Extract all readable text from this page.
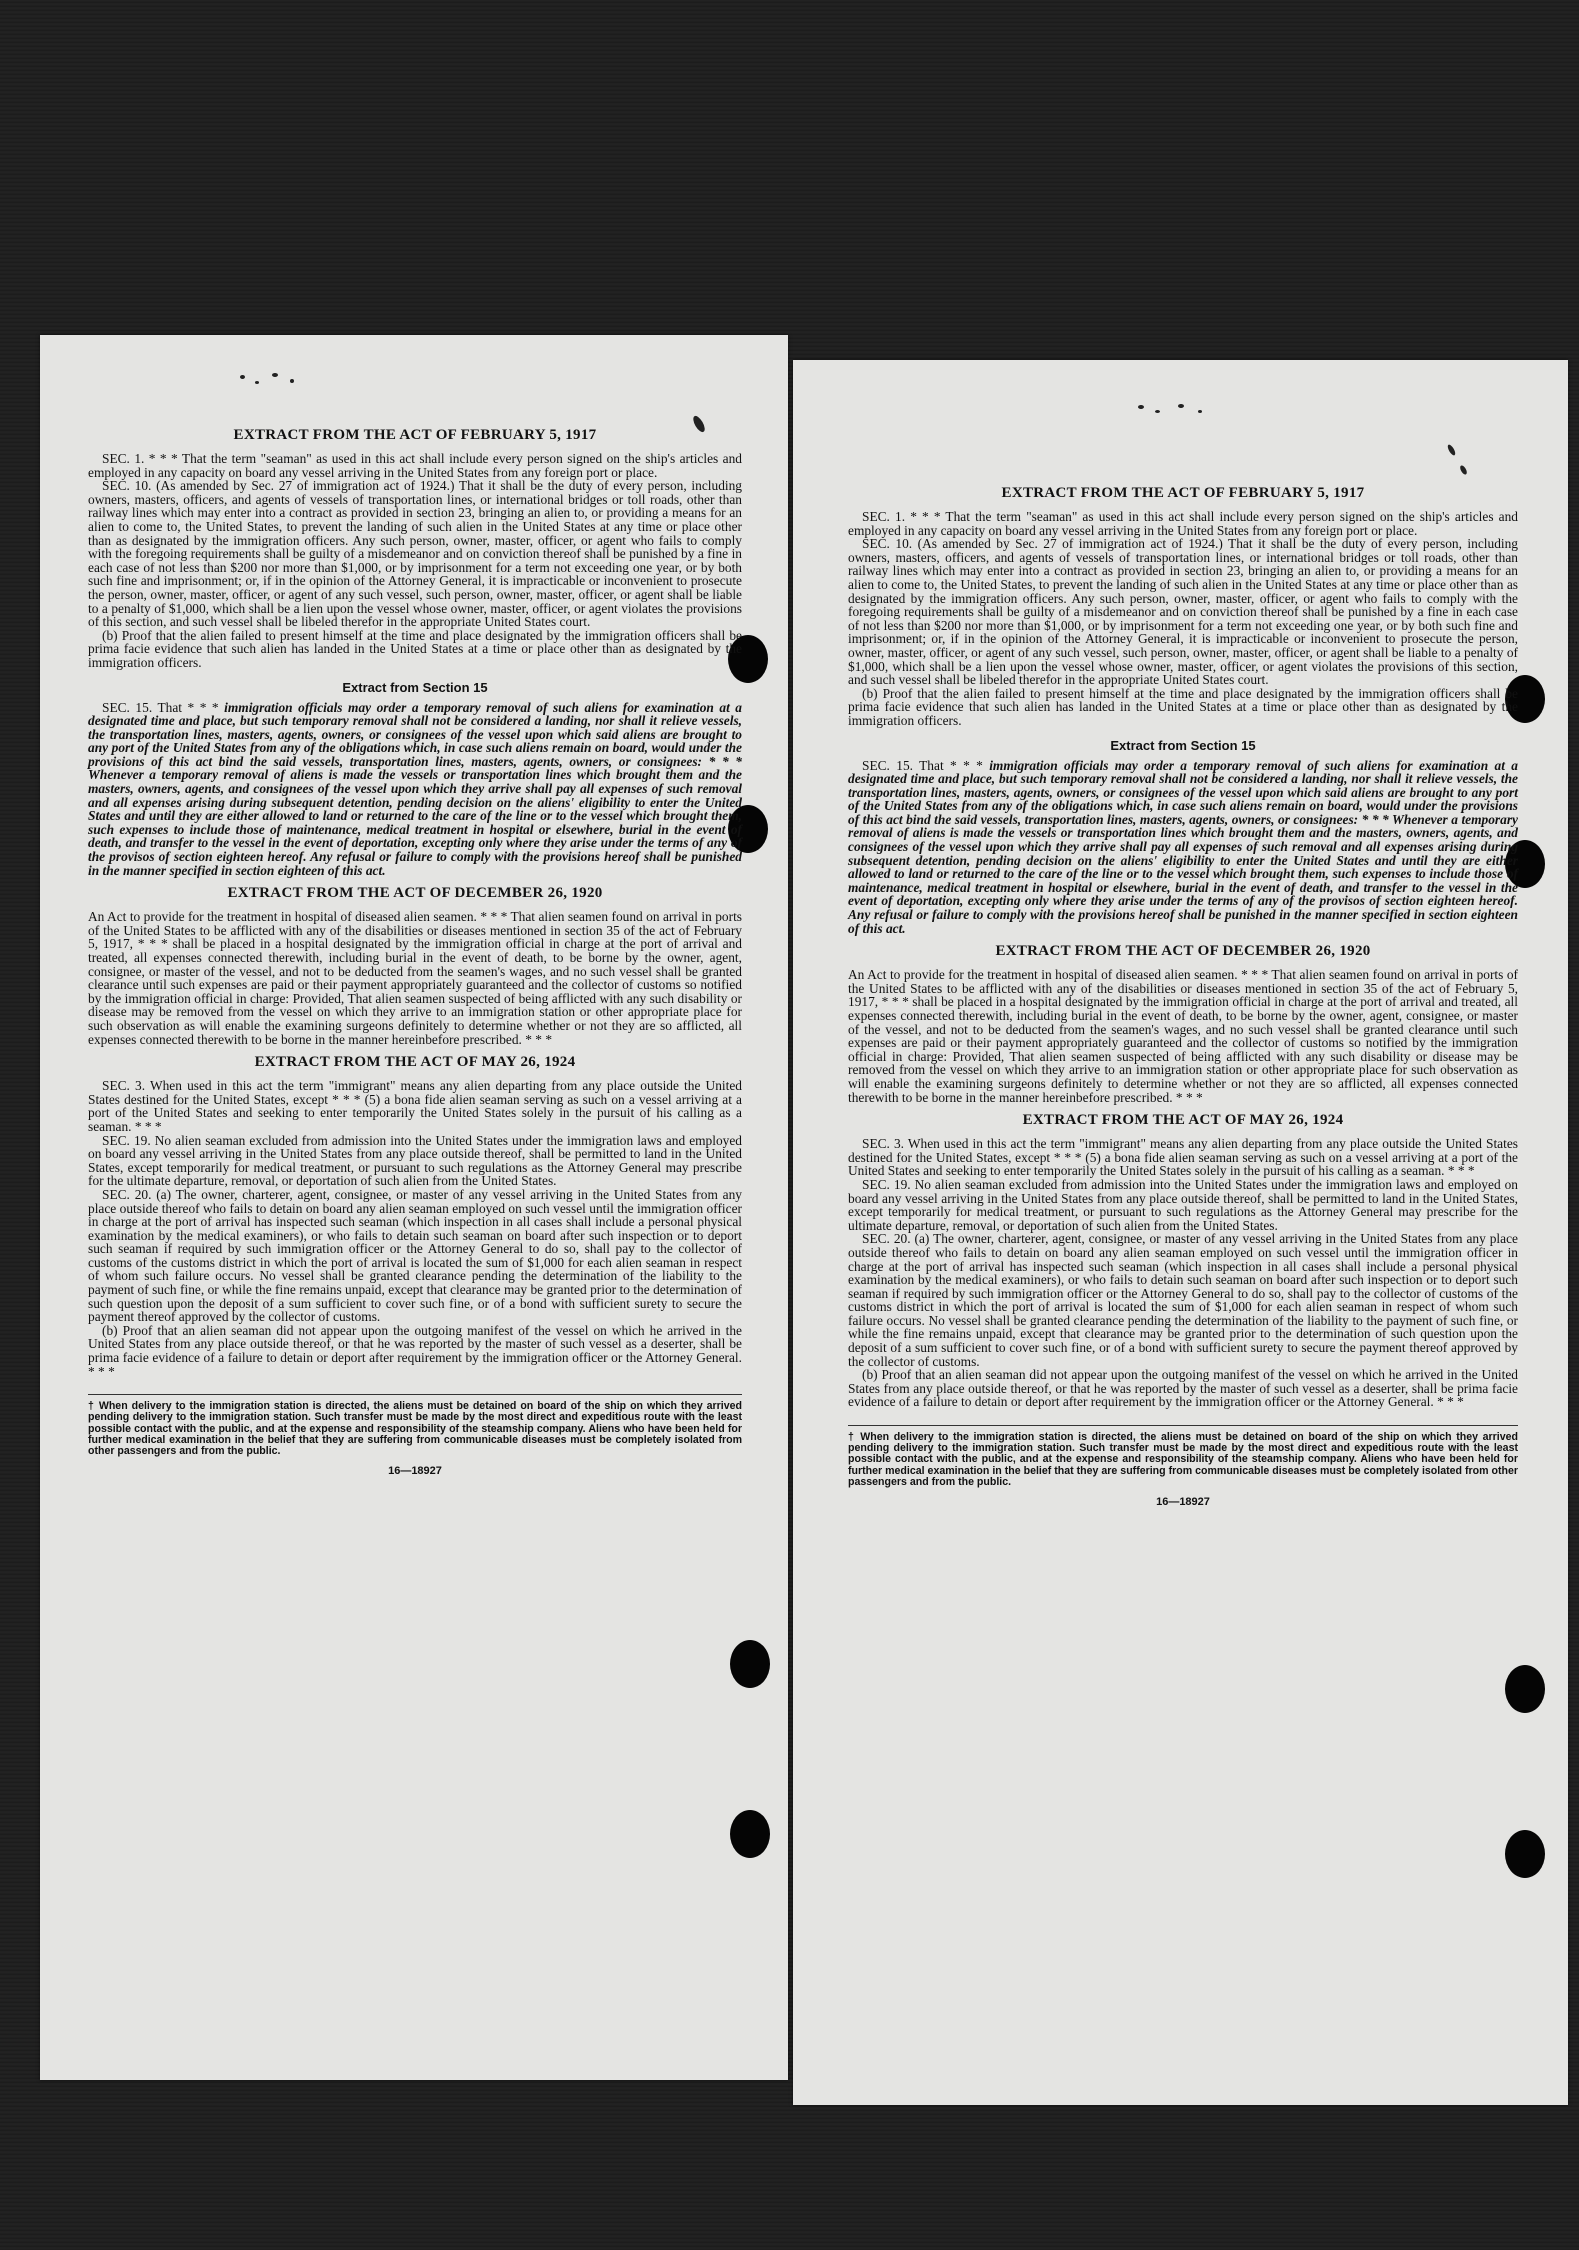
EXTRACT FROM THE ACT OF FEBRUARY 5, 1917

SEC. 1. * * * That the term "seaman" as used in this act shall include every person signed on the ship's articles and employed in any capacity on board any vessel arriving in the United States from any foreign port or place.

SEC. 10. (As amended by Sec. 27 of immigration act of 1924.) That it shall be the duty of every person, including owners, masters, officers, and agents of vessels of transportation lines, or international bridges or toll roads, other than railway lines which may enter into a contract as provided in section 23, bringing an alien to, or providing a means for an alien to come to, the United States, to prevent the landing of such alien in the United States at any time or place other than as designated by the immigration officers. Any such person, owner, master, officer, or agent who fails to comply with the foregoing requirements shall be guilty of a misdemeanor and on conviction thereof shall be punished by a fine in each case of not less than $200 nor more than $1,000, or by imprisonment for a term not exceeding one year, or by both such fine and imprisonment; or, if in the opinion of the Attorney General, it is impracticable or inconvenient to prosecute the person, owner, master, officer, or agent of any such vessel, such person, owner, master, officer, or agent shall be liable to a penalty of $1,000, which shall be a lien upon the vessel whose owner, master, officer, or agent violates the provisions of this section, and such vessel shall be libeled therefor in the appropriate United States court.

(b) Proof that the alien failed to present himself at the time and place designated by the immigration officers shall be prima facie evidence that such alien has landed in the United States at a time or place other than as designated by the immigration officers.

Extract from Section 15

SEC. 15. That * * * immigration officials may order a temporary removal of such aliens for examination at a designated time and place, but such temporary removal shall not be considered a landing, nor shall it relieve vessels, the transportation lines, masters, agents, owners, or consignees of the vessel upon which said aliens are brought to any port of the United States from any of the obligations which, in case such aliens remain on board, would under the provisions of this act bind the said vessels, transportation lines, masters, agents, owners, or consignees: * * * Whenever a temporary removal of aliens is made the vessels or transportation lines which brought them and the masters, owners, agents, and consignees of the vessel upon which they arrive shall pay all expenses of such removal and all expenses arising during subsequent detention, pending decision on the aliens' eligibility to enter the United States and until they are either allowed to land or returned to the care of the line or to the vessel which brought them, such expenses to include those of maintenance, medical treatment in hospital or elsewhere, burial in the event of death, and transfer to the vessel in the event of deportation, excepting only where they arise under the terms of any of the provisos of section eighteen hereof. Any refusal or failure to comply with the provisions hereof shall be punished in the manner specified in section eighteen of this act.

EXTRACT FROM THE ACT OF DECEMBER 26, 1920

An Act to provide for the treatment in hospital of diseased alien seamen. * * * That alien seamen found on arrival in ports of the United States to be afflicted with any of the disabilities or diseases mentioned in section 35 of the act of February 5, 1917, * * * shall be placed in a hospital designated by the immigration official in charge at the port of arrival and treated, all expenses connected therewith, including burial in the event of death, to be borne by the owner, agent, consignee, or master of the vessel, and not to be deducted from the seamen's wages, and no such vessel shall be granted clearance until such expenses are paid or their payment appropriately guaranteed and the collector of customs so notified by the immigration official in charge: Provided, That alien seamen suspected of being afflicted with any such disability or disease may be removed from the vessel on which they arrive to an immigration station or other appropriate place for such observation as will enable the examining surgeons definitely to determine whether or not they are so afflicted, all expenses connected therewith to be borne in the manner hereinbefore prescribed. * * *

EXTRACT FROM THE ACT OF MAY 26, 1924

SEC. 3. When used in this act the term "immigrant" means any alien departing from any place outside the United States destined for the United States, except * * * (5) a bona fide alien seaman serving as such on a vessel arriving at a port of the United States and seeking to enter temporarily the United States solely in the pursuit of his calling as a seaman. * * *

SEC. 19. No alien seaman excluded from admission into the United States under the immigration laws and employed on board any vessel arriving in the United States from any place outside thereof, shall be permitted to land in the United States, except temporarily for medical treatment, or pursuant to such regulations as the Attorney General may prescribe for the ultimate departure, removal, or deportation of such alien from the United States.

SEC. 20. (a) The owner, charterer, agent, consignee, or master of any vessel arriving in the United States from any place outside thereof who fails to detain on board any alien seaman employed on such vessel until the immigration officer in charge at the port of arrival has inspected such seaman (which inspection in all cases shall include a personal physical examination by the medical examiners), or who fails to detain such seaman on board after such inspection or to deport such seaman if required by such immigration officer or the Attorney General to do so, shall pay to the collector of customs of the customs district in which the port of arrival is located the sum of $1,000 for each alien seaman in respect of whom such failure occurs. No vessel shall be granted clearance pending the determination of the liability to the payment of such fine, or while the fine remains unpaid, except that clearance may be granted prior to the determination of such question upon the deposit of a sum sufficient to cover such fine, or of a bond with sufficient surety to secure the payment thereof approved by the collector of customs.

(b) Proof that an alien seaman did not appear upon the outgoing manifest of the vessel on which he arrived in the United States from any place outside thereof, or that he was reported by the master of such vessel as a deserter, shall be prima facie evidence of a failure to detain or deport after requirement by the immigration officer or the Attorney General. * * *

† When delivery to the immigration station is directed, the aliens must be detained on board of the ship on which they arrived pending delivery to the immigration station. Such transfer must be made by the most direct and expeditious route with the least possible contact with the public, and at the expense and responsibility of the steamship company. Aliens who have been held for further medical examination in the belief that they are suffering from communicable diseases must be completely isolated from other passengers and from the public.
16—18927
EXTRACT FROM THE ACT OF FEBRUARY 5, 1917

SEC. 1. * * * That the term "seaman" as used in this act shall include every person signed on the ship's articles and employed in any capacity on board any vessel arriving in the United States from any foreign port or place.

SEC. 10. (As amended by Sec. 27 of immigration act of 1924.) That it shall be the duty of every person, including owners, masters, officers, and agents of vessels of transportation lines, or international bridges or toll roads, other than railway lines which may enter into a contract as provided in section 23, bringing an alien to, or providing a means for an alien to come to, the United States, to prevent the landing of such alien in the United States at any time or place other than as designated by the immigration officers. Any such person, owner, master, officer, or agent who fails to comply with the foregoing requirements shall be guilty of a misdemeanor and on conviction thereof shall be punished by a fine in each case of not less than $200 nor more than $1,000, or by imprisonment for a term not exceeding one year, or by both such fine and imprisonment; or, if in the opinion of the Attorney General, it is impracticable or inconvenient to prosecute the person, owner, master, officer, or agent of any such vessel, such person, owner, master, officer, or agent shall be liable to a penalty of $1,000, which shall be a lien upon the vessel whose owner, master, officer, or agent violates the provisions of this section, and such vessel shall be libeled therefor in the appropriate United States court.

(b) Proof that the alien failed to present himself at the time and place designated by the immigration officers shall be prima facie evidence that such alien has landed in the United States at a time or place other than as designated by the immigration officers.

Extract from Section 15

SEC. 15. That * * * immigration officials may order a temporary removal of such aliens for examination at a designated time and place, but such temporary removal shall not be considered a landing, nor shall it relieve vessels, the transportation lines, masters, agents, owners, or consignees of the vessel upon which said aliens are brought to any port of the United States from any of the obligations which, in case such aliens remain on board, would under the provisions of this act bind the said vessels, transportation lines, masters, agents, owners, or consignees: * * * Whenever a temporary removal of aliens is made the vessels or transportation lines which brought them and the masters, owners, agents, and consignees of the vessel upon which they arrive shall pay all expenses of such removal and all expenses arising during subsequent detention, pending decision on the aliens' eligibility to enter the United States and until they are either allowed to land or returned to the care of the line or to the vessel which brought them, such expenses to include those of maintenance, medical treatment in hospital or elsewhere, burial in the event of death, and transfer to the vessel in the event of deportation, excepting only where they arise under the terms of any of the provisos of section eighteen hereof. Any refusal or failure to comply with the provisions hereof shall be punished in the manner specified in section eighteen of this act.

EXTRACT FROM THE ACT OF DECEMBER 26, 1920

An Act to provide for the treatment in hospital of diseased alien seamen. * * * That alien seamen found on arrival in ports of the United States to be afflicted with any of the disabilities or diseases mentioned in section 35 of the act of February 5, 1917, * * * shall be placed in a hospital designated by the immigration official in charge at the port of arrival and treated, all expenses connected therewith, including burial in the event of death, to be borne by the owner, agent, consignee, or master of the vessel, and not to be deducted from the seamen's wages, and no such vessel shall be granted clearance until such expenses are paid or their payment appropriately guaranteed and the collector of customs so notified by the immigration official in charge: Provided, That alien seamen suspected of being afflicted with any such disability or disease may be removed from the vessel on which they arrive to an immigration station or other appropriate place for such observation as will enable the examining surgeons definitely to determine whether or not they are so afflicted, all expenses connected therewith to be borne in the manner hereinbefore prescribed. * * *

EXTRACT FROM THE ACT OF MAY 26, 1924

SEC. 3. When used in this act the term "immigrant" means any alien departing from any place outside the United States destined for the United States, except * * * (5) a bona fide alien seaman serving as such on a vessel arriving at a port of the United States and seeking to enter temporarily the United States solely in the pursuit of his calling as a seaman. * * *

SEC. 19. No alien seaman excluded from admission into the United States under the immigration laws and employed on board any vessel arriving in the United States from any place outside thereof, shall be permitted to land in the United States, except temporarily for medical treatment, or pursuant to such regulations as the Attorney General may prescribe for the ultimate departure, removal, or deportation of such alien from the United States.

SEC. 20. (a) The owner, charterer, agent, consignee, or master of any vessel arriving in the United States from any place outside thereof who fails to detain on board any alien seaman employed on such vessel until the immigration officer in charge at the port of arrival has inspected such seaman (which inspection in all cases shall include a personal physical examination by the medical examiners), or who fails to detain such seaman on board after such inspection or to deport such seaman if required by such immigration officer or the Attorney General to do so, shall pay to the collector of customs of the customs district in which the port of arrival is located the sum of $1,000 for each alien seaman in respect of whom such failure occurs. No vessel shall be granted clearance pending the determination of the liability to the payment of such fine, or while the fine remains unpaid, except that clearance may be granted prior to the determination of such question upon the deposit of a sum sufficient to cover such fine, or of a bond with sufficient surety to secure the payment thereof approved by the collector of customs.

(b) Proof that an alien seaman did not appear upon the outgoing manifest of the vessel on which he arrived in the United States from any place outside thereof, or that he was reported by the master of such vessel as a deserter, shall be prima facie evidence of a failure to detain or deport after requirement by the immigration officer or the Attorney General. * * *

† When delivery to the immigration station is directed, the aliens must be detained on board of the ship on which they arrived pending delivery to the immigration station. Such transfer must be made by the most direct and expeditious route with the least possible contact with the public, and at the expense and responsibility of the steamship company. Aliens who have been held for further medical examination in the belief that they are suffering from communicable diseases must be completely isolated from other passengers and from the public.
16—18927
